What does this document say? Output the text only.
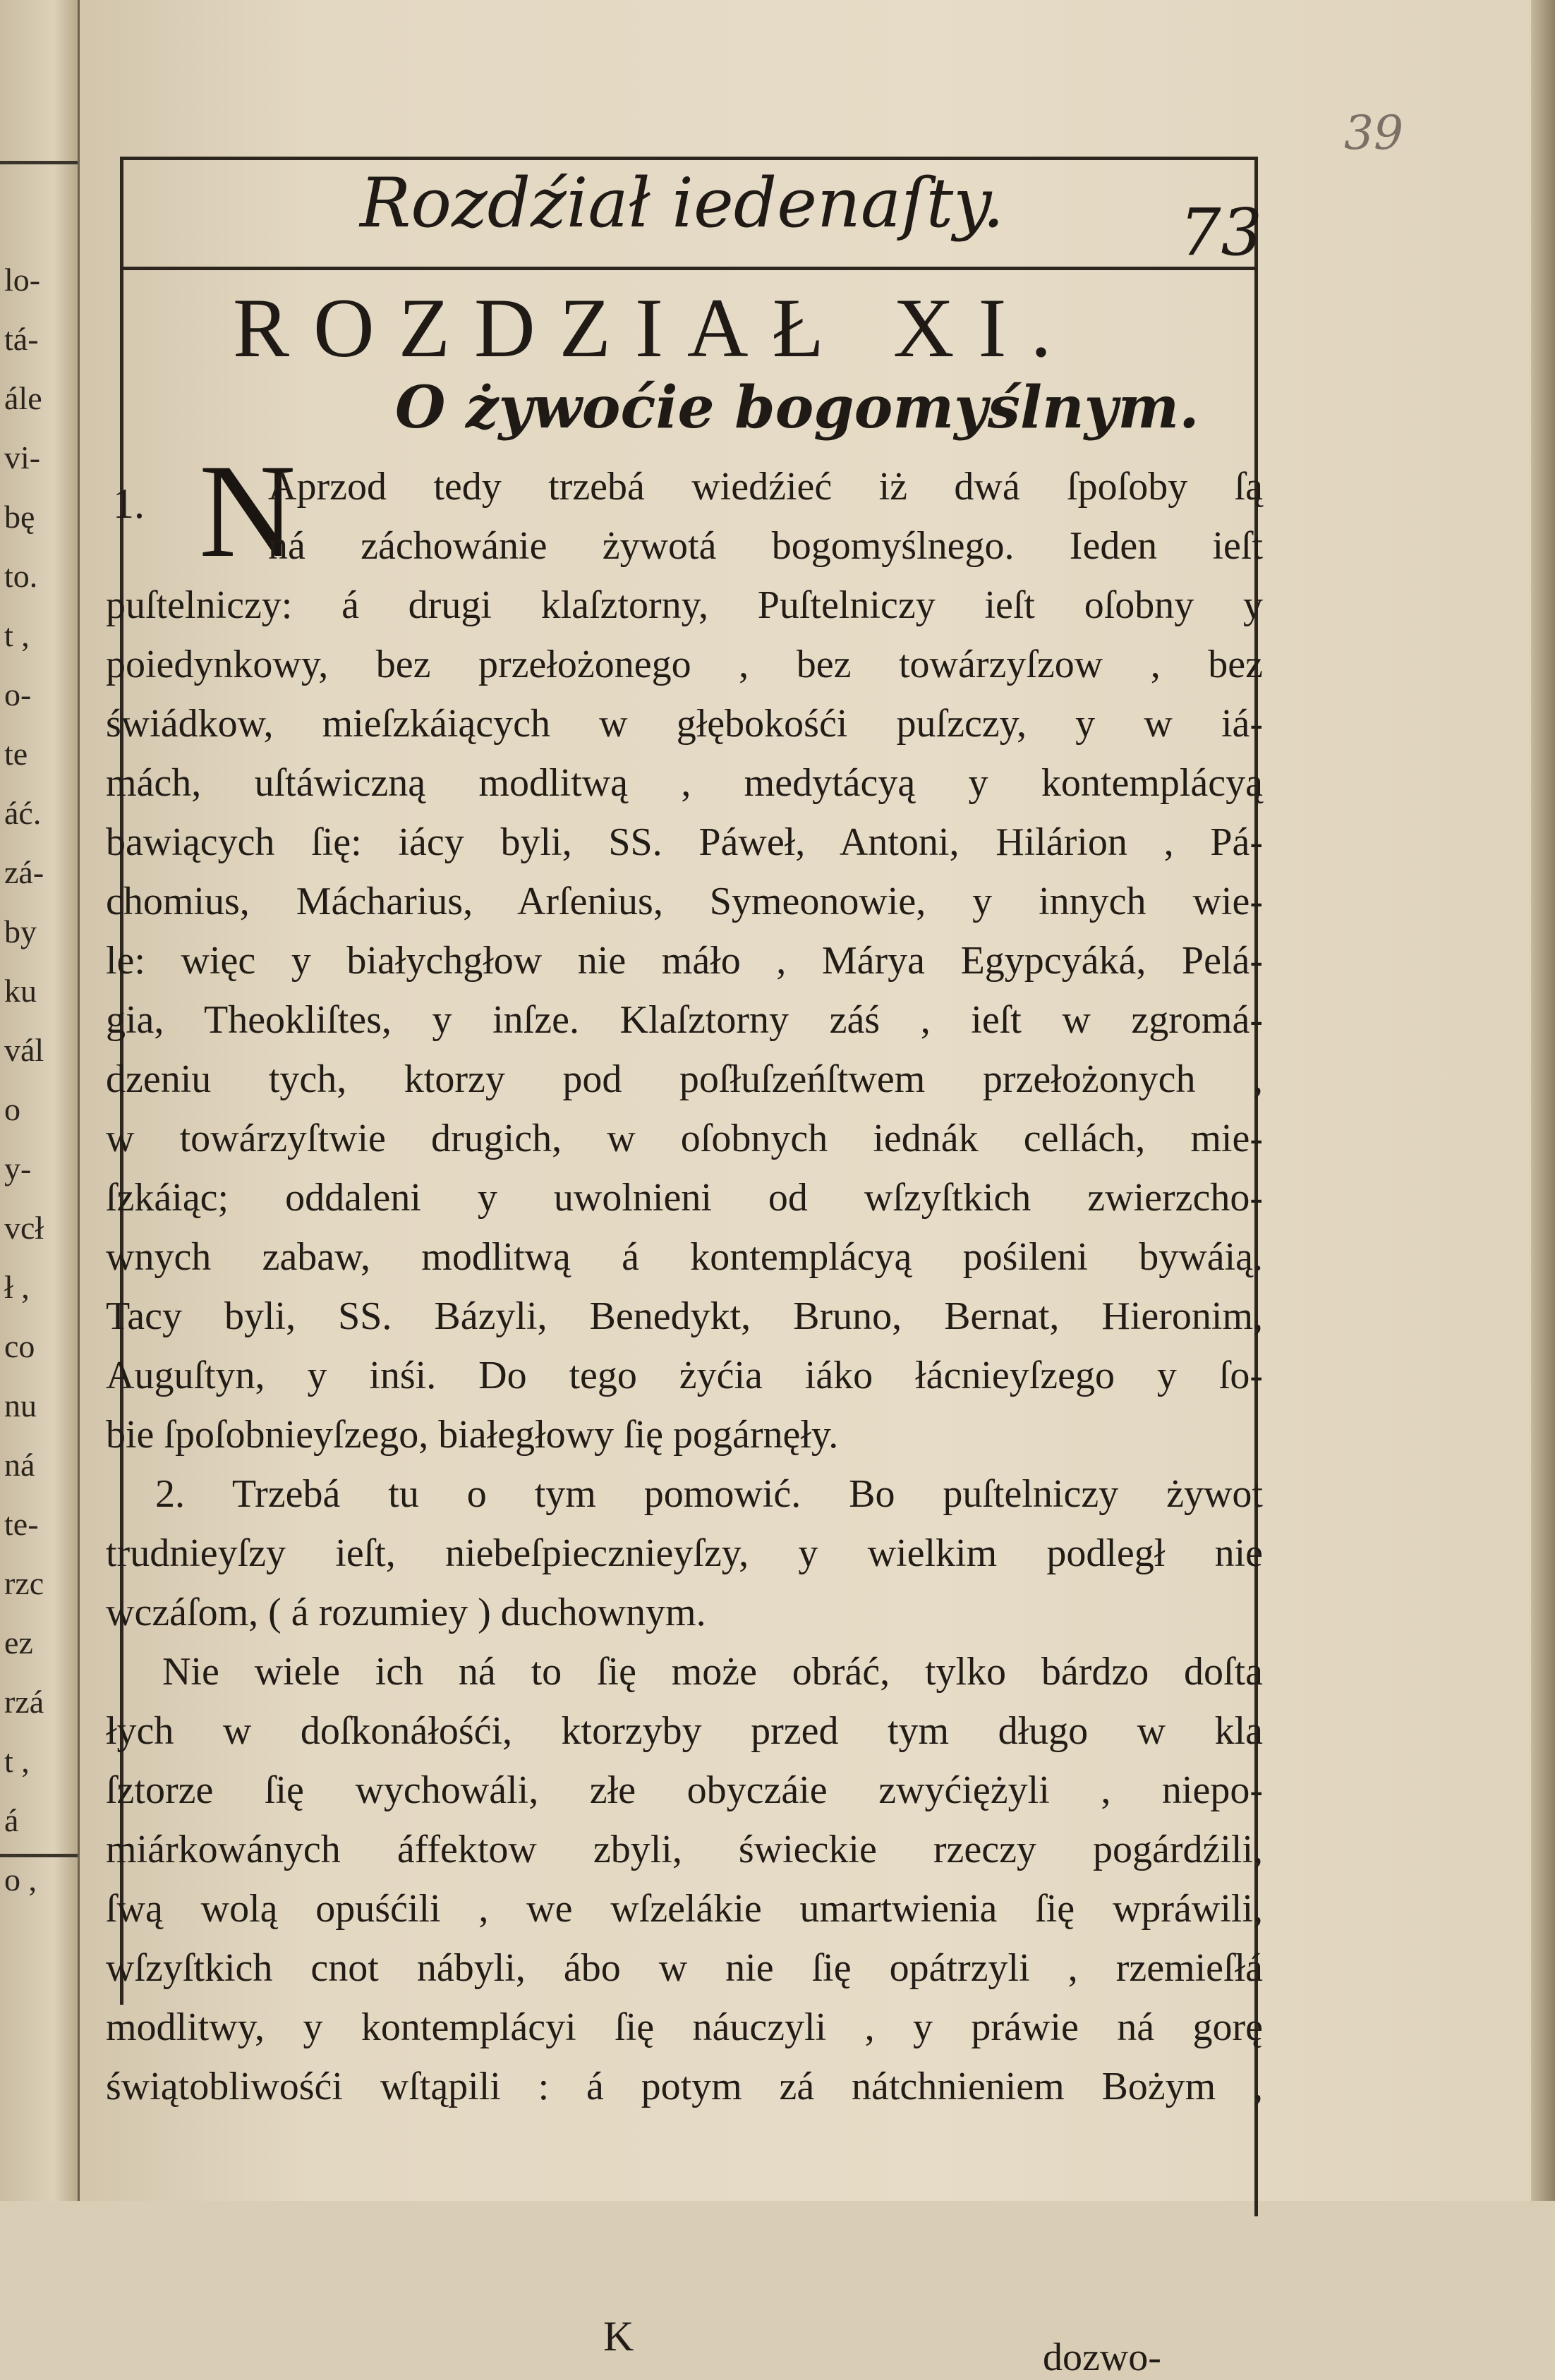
lo-
tá-
ále
vi-
bę
to.
t ,
o-
te
áć.
zá-
by
ku
vál
o
y-
vcł
ł ,
co
nu
ná
te-
rzc
ez
rzá
t ,
á
o ,
39
Rozdźiał iedenaſty.	73
ROZDZIAŁ XI.
O żywoćie bogomyślnym.
1. N
Aprzod tedy trzebá wiedźieć iż dwá ſpoſoby ſą
ná záchowánie żywotá bogomyślnego. Ieden ieſt
puſtelniczy: á drugi klaſztorny, Puſtelniczy ieſt oſobny y
poiedynkowy, bez przełożonego , bez towárzyſzow , bez
świádkow, mieſzkáiących w głębokośći puſzczy, y w iá-
mách, uſtáwiczną modlitwą , medytácyą y kontemplácyą
bawiących ſię: iácy byli, SS. Páweł, Antoni, Hilárion , Pá-
chomius, Mácharius, Arſenius, Symeonowie, y innych wie-
le: więc y białychgłow nie máło , Márya Egypcyáká, Pelá-
gia, Theokliſtes, y inſze. Klaſztorny záś , ieſt w zgromá-
dzeniu tych, ktorzy pod poſłuſzeńſtwem przełożonych ,
w towárzyſtwie drugich, w oſobnych iednák cellách, mie-
ſzkáiąc; oddaleni y uwolnieni od wſzyſtkich zwierzcho-
wnych zabaw, modlitwą á kontemplácyą pośileni bywáią.
Tacy byli, SS. Bázyli, Benedykt, Bruno, Bernat, Hieronim,
Auguſtyn, y inśi. Do tego żyćia iáko łácnieyſzego y ſo-
bie ſpoſobnieyſzego, białegłowy ſię pogárnęły.
2. Trzebá tu o tym pomowić. Bo puſtelniczy żywot
trudnieyſzy ieſt, niebeſpiecznieyſzy, y wielkim podległ nie
wczáſom, ( á rozumiey ) duchownym.
Nie wiele ich ná to ſię może obráć, tylko bárdzo doſta
łych w doſkonáłośći, ktorzyby przed tym długo w kla
ſztorze ſię wychowáli, złe obyczáie zwyćiężyli , niepo-
miárkowánych áffektow zbyli, świeckie rzeczy pogárdźili,
ſwą wolą opuśćili , we wſzelákie umartwienia ſię wpráwili,
wſzyſtkich cnot nábyli, ábo w nie ſię opátrzyli , rzemieſłá
modlitwy, y kontemplácyi ſię náuczyli , y práwie ná gorę
świątobliwośći wſtąpili : á potym zá nátchnieniem Bożym ,
K	dozwo-
